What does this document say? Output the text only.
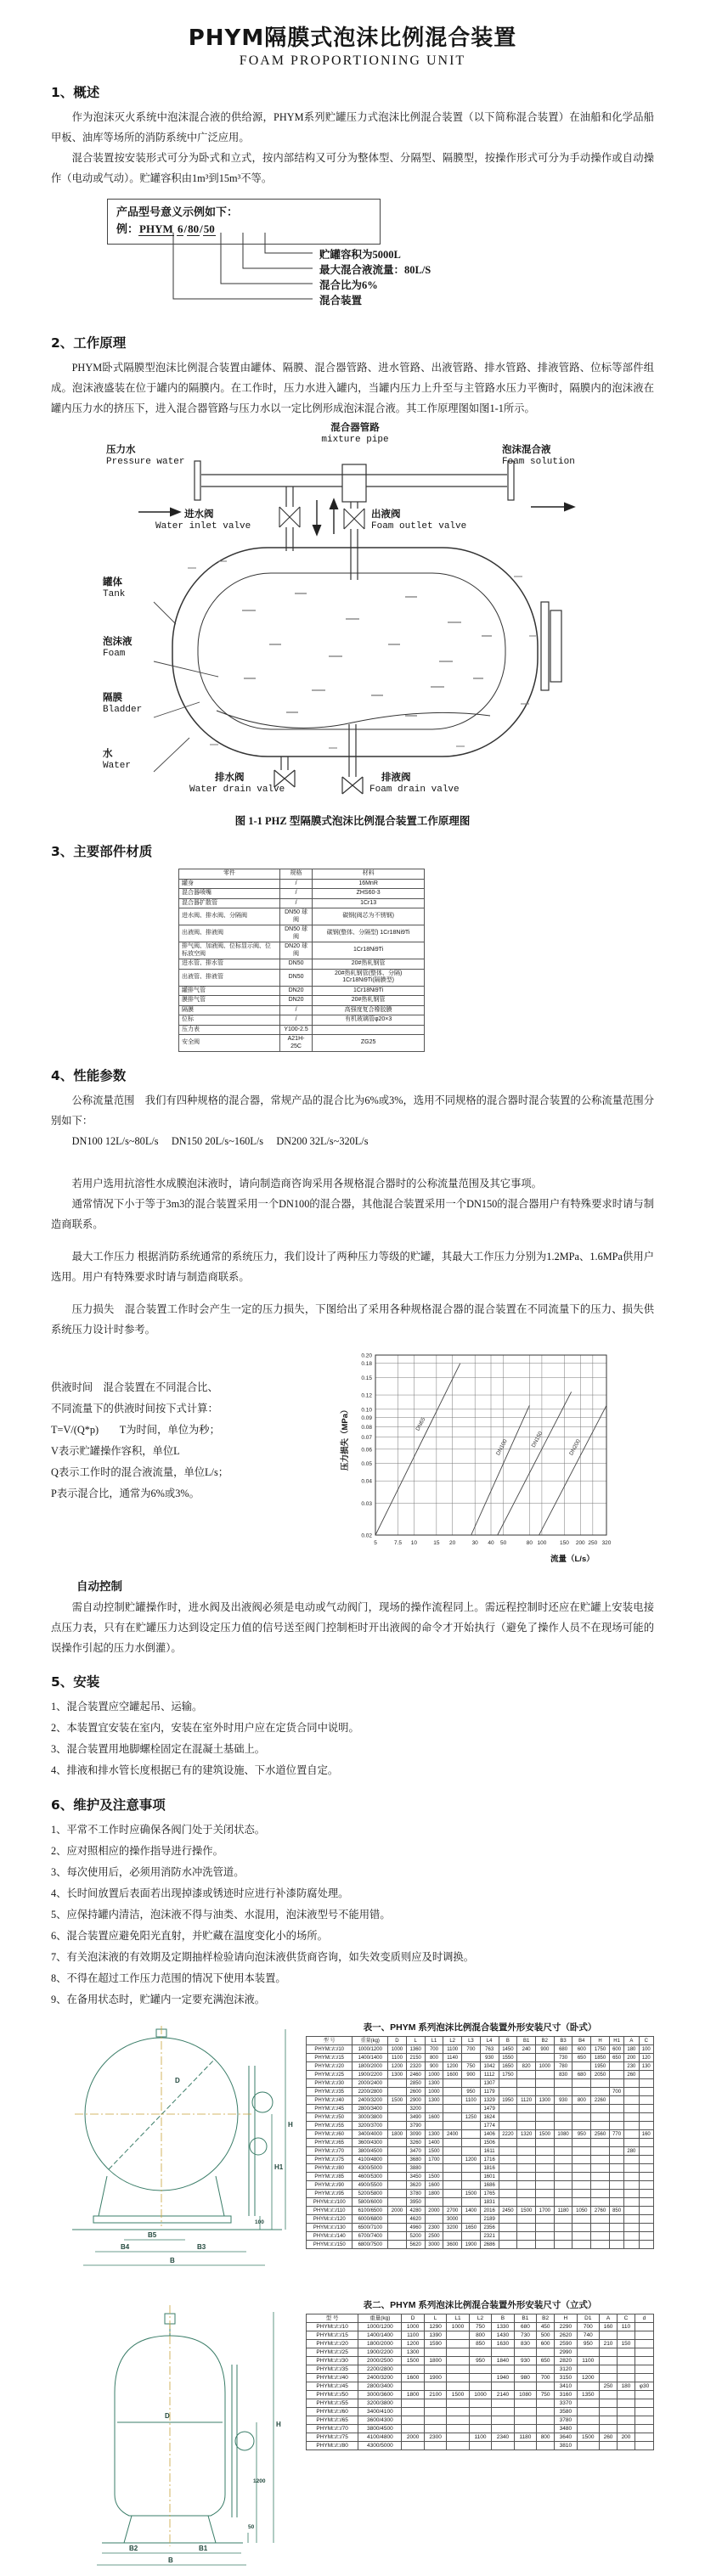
PHYM隔膜式泡沫比例混合装置
FOAM PROPORTIONING UNIT
1、概述

作为泡沫灭火系统中泡沫混合液的供给源，PHYM系列贮罐压力式泡沫比例混合装置（以下简称混合装置）在油船和化学品船甲板、油库等场所的消防系统中广泛应用。

混合装置按安装形式可分为卧式和立式，按内部结构又可分为整体型、分隔型、隔膜型，按操作形式可分为手动操作或自动操作（电动或气动）。贮罐容积由1m³到15m³不等。

产品型号意义示例如下：
例：PHYM 6/80/50
贮罐容积为5000L
最大混合液流量：80L/S
混合比为6%
混合装置
2、工作原理

PHYM卧式隔膜型泡沫比例混合装置由罐体、隔膜、混合器管路、进水管路、出液管路、排水管路、排液管路、位标等部件组成。泡沫液盛装在位于罐内的隔膜内。在工作时，压力水进入罐内，当罐内压力上升至与主管路水压力平衡时，隔膜内的泡沫液在罐内压力水的挤压下，进入混合器管路与压力水以一定比例形成泡沫混合液。其工作原理图如图1-1所示。

混合器管路
mixture pipe
压力水
Pressure water
泡沫混合液
Foam solution
进水阀
Water inlet valve
出液阀
Foam outlet valve
罐体
Tank
泡沫液
Foam
隔膜
Bladder
水
Water
排水阀
Water drain valve
排液阀
Foam drain valve
图 1-1 PHZ 型隔膜式泡沫比例混合装置工作原理图
3、主要部件材质
零件	规格	材料
罐身	/	16MnR
混合器喷嘴	/	ZHS60-3
混合器扩散管	/	1Cr13
进水阀、排水阀、分隔阀	DN50 球阀	碳钢(阀芯为不锈钢)
出液阀、排液阀	DN50 球阀	碳钢(整体、分隔型) 1Cr18Ni9Ti
排气阀、加液阀、位标显示阀、位标放空阀	DN20 球阀	1Cr18Ni9Ti
进水管、排水管	DN50	20#热轧钢管
出液管、排液管	DN50	20#热轧钢管(整体、分隔) 1Cr18Ni9Ti(隔膜型)
罐排气管	DN20	1Cr18Ni9Ti
膜排气管	DN20	20#热轧钢管
隔膜	/	高强度复合橡胶膜
位标	/	有机玻璃管φ20×3
压力表	Y100-2.5	
安全阀	A21H-25C	ZG25
4、性能参数

公称流量范围　我们有四种规格的混合器，常规产品的混合比为6%或3%，选用不同规格的混合器时混合装置的公称流量范围分别如下：

DN100 12L/s~80L/s　 DN150 20L/s~160L/s　 DN200 32L/s~320L/s

若用户选用抗溶性水成膜泡沫液时，请向制造商咨询采用各规格混合器时的公称流量范围及其它事项。

通常情况下小于等于3m3的混合装置采用一个DN100的混合器，其他混合装置采用一个DN150的混合器用户有特殊要求时请与制造商联系。

最大工作压力 根据消防系统通常的系统压力，我们设计了两种压力等级的贮罐，其最大工作压力分别为1.2MPa、1.6MPa供用户选用。用户有特殊要求时请与制造商联系。

压力损失　混合装置工作时会产生一定的压力损失，下图给出了采用各种规格混合器的混合装置在不同流量下的压力、损失供系统压力设计时参考。

供液时间　混合装置在不同混合比、
不同流量下的供液时间按下式计算：
T=V/(Q*p)　　T为时间，单位为秒；
V表示贮罐操作容积，单位L
Q表示工作时的混合液流量，单位L/s；
P表示混合比，通常为6%或3%。
5	7.5 10	15 20	30 40 50	80 100 150 200 250 320
0.02
0.03
0.04
0.05
0.06
0.07
0.08
0.09
0.10
0.12
0.15
0.18
0.20
DN65
DN100	DN150	DN200
流量（L/s）
压力损失（MPa）
自动控制

需自动控制贮罐操作时，进水阀及出液阀必须是电动或气动阀门，现场的操作流程同上。需远程控制时还应在贮罐上安装电接点压力表，只有在贮罐压力达到设定压力值的信号送至阀门控制柜时开出液阀的命令才开始执行（避免了操作人员不在现场可能的误操作引起的压力水倒灌）。

5、安装
1、混合装置应空罐起吊、运输。
2、本装置宜安装在室内，安装在室外时用户应在定货合同中说明。
3、混合装置用地脚螺栓固定在混凝土基础上。
4、排液和排水管长度根据已有的建筑设施、下水道位置自定。
6、维护及注意事项
1、平常不工作时应确保各阀门处于关闭状态。
2、应对照相应的操作指导进行操作。
3、每次使用后，必须用消防水冲洗管道。
4、长时间放置后表面若出现掉漆或锈迹时应进行补漆防腐处理。
5、应保持罐内清洁，泡沫液不得与油类、水混用，泡沫液型号不能用错。
6、混合装置应避免阳光直射，并贮藏在温度变化小的场所。
7、有关泡沫液的有效期及定期抽样检验请向泡沫液供货商咨询，如失效变质则应及时调换。
8、不得在超过工作压力范围的情况下使用本装置。
9、在备用状态时，贮罐内一定要充满泡沫液。
D
H
H1
B5
B4	B3
B
100
表一、PHYM 系列泡沫比例混合装置外形安装尺寸（卧式）
型 号	重量(kg)	D	L	L1	L2	L3	L4	B	B1	B2	B3	B4	H	H1	A	C
PHYM□/□/10	1000/1200	1000	1360	700	1100	700	763	1450	240	900	680	600	1750	600	180	100
PHYM□/□/15	1400/1400	1100	2150	800	1140		930	1550			730	650	1850	650	200	120
PHYM□/□/20	1800/2000	1200	2320	900	1200	750	1042	1650	820	1000	780		1950		230	130
PHYM□/□/25	1900/2200	1300	2460	1000	1600	900	1112	1750			830	680	2050		260	
PHYM□/□/30	2000/2400		2850	1300			1307									
PHYM□/□/35	2200/2800		2600	1000		950	1179							700		
PHYM□/□/40	2400/3200	1500	2900	1300		1100	1329	1950	1120	1300	930	800	2260			
PHYM□/□/45	2800/3400		3200				1479									
PHYM□/□/50	3000/3800		3490	1600		1250	1624									
PHYM□/□/55	3200/3700		3790				1774									
PHYM□/□/60	3400/4000	1800	3090	1300	2400		1406	2220	1320	1500	1080	950	2560	770		160
PHYM□/□/65	3600/4300		3260	1400			1506									
PHYM□/□/70	3800/4500		3470	1500			1611								280	
PHYM□/□/75	4100/4800		3680	1700		1200	1716									
PHYM□/□/80	4300/5000		3880				1816									
PHYM□/□/85	4600/5300		3450	1500			1601									
PHYM□/□/90	4900/5500		3620	1600			1686									
PHYM□/□/95	5200/5800		3780	1800		1500	1765									
PHYM□/□/100	5800/6000		3950				1831									
PHYM□/□/110	6100/6500	2000	4280	2000	2700	1400	2016	2450	1500	1700	1180	1050	2760	850		
PHYM□/□/120	6000/6800		4620		3000		2189									
PHYM□/□/130	6500/7100		4960	2300	3200	1650	2356									
PHYM□/□/140	6700/7400		5200	2500			2321									
PHYM□/□/150	6800/7500		5620	3000	3600	1900	2686									
D
H
1200
B2	B1
B
50
表二、PHYM 系列泡沫比例混合装置外形安装尺寸（立式）
型 号	重量(kg)	D	L	L1	L2	B	B1	B2	H	D1	A	C	d
PHYM□/□/10	1000/1200	1000	1290	1000	750	1330	680	450	2290	700	160	110	
PHYM□/□/15	1400/1400	1100	1390		800	1430	730	500	2620	740			
PHYM□/□/20	1800/2000	1200	1590		850	1630	830	600	2590	950	210	150	
PHYM□/□/25	1900/2200	1300							2990				
PHYM□/□/30	2000/2500	1500	1800		950	1840	930	650	2820	1100			
PHYM□/□/35	2200/2800								3120				
PHYM□/□/40	2400/3200	1600	1900			1940	980	700	3150	1200			
PHYM□/□/45	2800/3400								3410		250	180	φ30
PHYM□/□/50	3000/3600	1800	2100	1500	1000	2140	1080	750	3160	1350			
PHYM□/□/55	3200/3800								3370				
PHYM□/□/60	3400/4100								3580				
PHYM□/□/65	3600/4300								3780				
PHYM□/□/70	3800/4500								3480				
PHYM□/□/75	4100/4800	2000	2300		1100	2340	1180	800	3640	1500	260	200	
PHYM□/□/80	4300/5000								3810				
